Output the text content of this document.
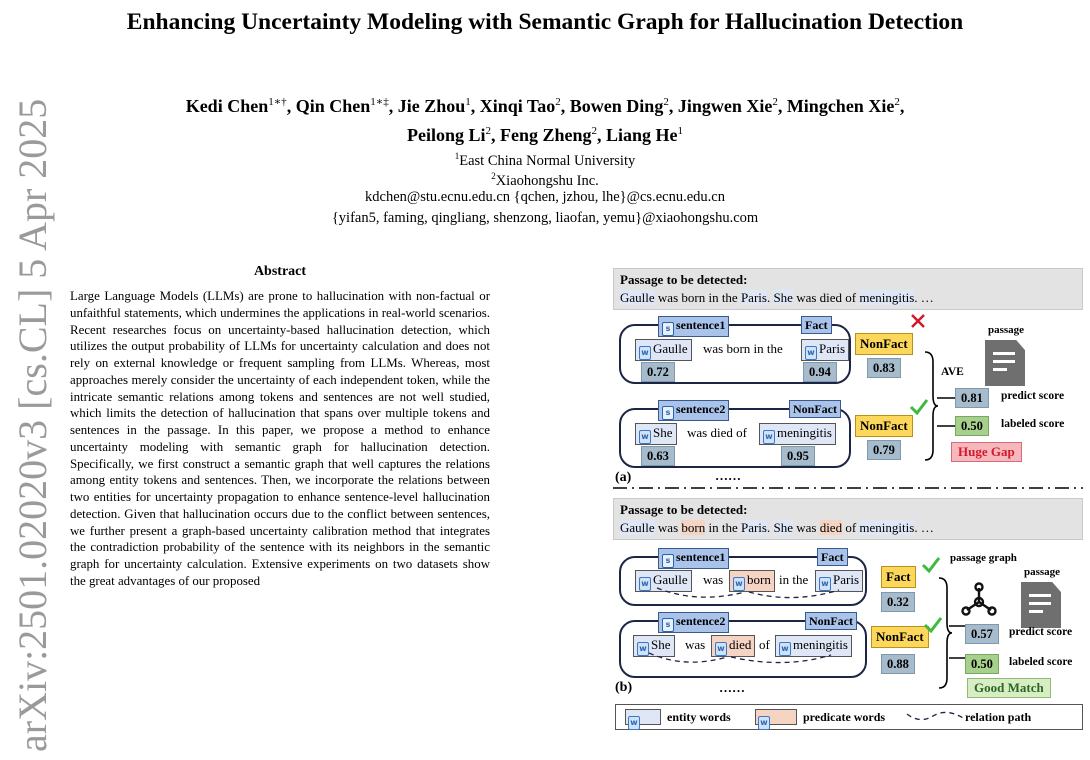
arXiv:2501.02020v3 [cs.CL] 5 Apr 2025
Enhancing Uncertainty Modeling with Semantic Graph for Hallucination Detection
Kedi Chen$^{1∗\dagger}$, Qin Chen$^{1∗\ddagger}$, Jie Zhou$^1$, Xinqi Tao$^2$, Bowen Ding$^2$, Jingwen Xie$^2$, Mingchen Xie$^2$,
Peilong Li$^2$, Feng Zheng$^2$, Liang He$^1$
$^1$East China Normal University
$^2$Xiaohongshu Inc.
kdchen@stu.ecnu.edu.cn {qchen, jzhou, lhe}@cs.ecnu.edu.cn
{yifan5, faming, qingliang, shenzong, liaofan, yemu}@xiaohongshu.com
Abstract
Large Language Models (LLMs) are prone to hallucination with non-factual or unfaithful statements, which undermines the applications in real-world scenarios. Recent researches focus on uncertainty-based hallucination detection, which utilizes the output probability of LLMs for uncertainty calculation and does not rely on external knowledge or frequent sampling from LLMs. Whereas, most approaches merely consider the uncertainty of each independent token, while the intricate semantic relations among tokens and sentences are not well studied, which limits the detection of hallucination that spans over multiple tokens and sentences in the passage. In this paper, we propose a method to enhance uncertainty modeling with semantic graph for hallucination detection. Specifically, we first construct a semantic graph that well captures the relations among entity tokens and sentences. Then, we incorporate the relations between two entities for uncertainty propagation to enhance sentence-level hallucination detection. Given that hallucination occurs due to the conflict between sentences, we further present a graph-based uncertainty calibration method that integrates the contradiction probability of the sentence with its neighbors in the semantic graph for uncertainty calculation. Extensive experiments on two datasets show the great advantages of our proposed
Passage to be detected:
Gaulle was born in the Paris. She was died of meningitis. …
s sentence1	Fact
w Gaulle	was born in the	w Paris
0.72	0.94
NonFact
0.83
s sentence2	NonFact
w She	was died of	w meningitis
0.63	0.95
NonFact
0.79
AVE
passage
0.81	predict score
0.50	labeled score
Huge Gap
(a)	……
Passage to be detected:
Gaulle was born in the Paris. She was died of meningitis. …
s sentence1	Fact
w Gaulle	was	w born in the	w Paris	Fact
0.32
s sentence2	NonFact
w She	was	w died of	w meningitis
NonFact
0.88
passage graph
passage
0.57	predict score
0.50	labeled score
Good Match
(b)	……
w	entity words	w	predicate words	relation path
